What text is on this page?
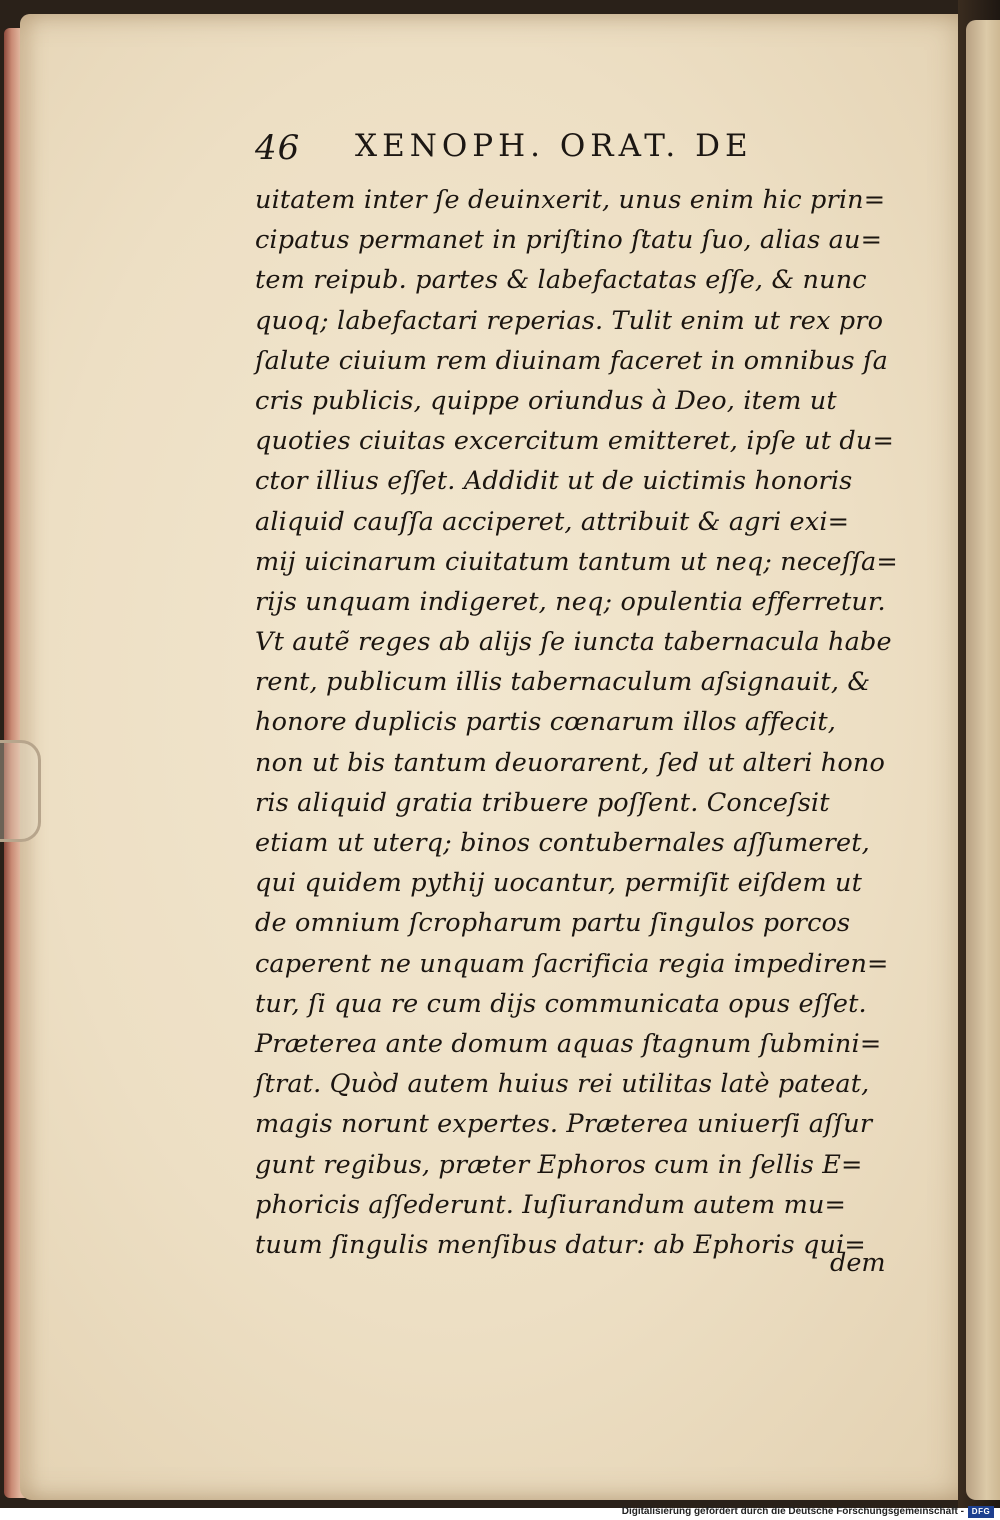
46 XENOPH. ORAT. DE
uitatem inter ſe deuinxerit, unus enim hic prin=
cipatus permanet in priſtino ſtatu ſuo, alias au=
tem reipub. partes & labefactatas eſſe, & nunc
quoq; labefactari reperias. Tulit enim ut rex pro
ſalute ciuium rem diuinam faceret in omnibus ſa
cris publicis, quippe oriundus à Deo, item ut
quoties ciuitas excercitum emitteret, ipſe ut du=
ctor illius eſſet. Addidit ut de uictimis honoris
aliquid cauſſa acciperet, attribuit & agri exi=
mij uicinarum ciuitatum tantum ut neq; neceſſa=
rijs unquam indigeret, neq; opulentia efferretur.
Vt autẽ reges ab alijs ſe iuncta tabernacula habe
rent, publicum illis tabernaculum aſsignauit, &
honore duplicis partis cœnarum illos affecit,
non ut bis tantum deuorarent, ſed ut alteri hono
ris aliquid gratia tribuere poſſent. Conceſsit
etiam ut uterq; binos contubernales aſſumeret,
qui quidem pythij uocantur, permiſit eiſdem ut
de omnium ſcropharum partu ſingulos porcos
caperent ne unquam ſacrificia regia impediren=
tur, ſi qua re cum dijs communicata opus eſſet.
Præterea ante domum aquas ſtagnum ſubmini=
ſtrat. Quòd autem huius rei utilitas latè pateat,
magis norunt expertes. Præterea uniuerſi aſſur
gunt regibus, præter Ephoros cum in ſellis E=
phoricis aſſederunt. Iuſiurandum autem mu=
tuum ſingulis menſibus datur: ab Ephoris qui=
dem
Digitalisierung gefördert durch die Deutsche Forschungsgemeinschaft - DFG
